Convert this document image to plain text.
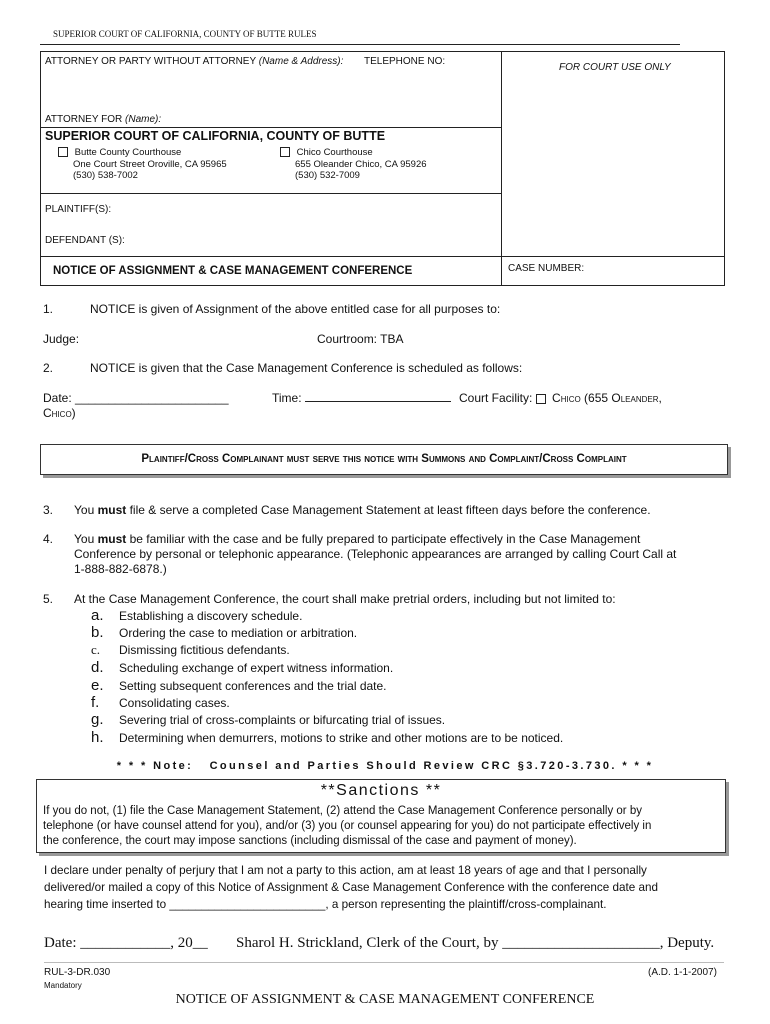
SUPERIOR COURT OF CALIFORNIA, COUNTY OF BUTTE RULES
ATTORNEY OR PARTY WITHOUT ATTORNEY (Name & Address): TELEPHONE NO:
FOR COURT USE ONLY
ATTORNEY FOR (Name):
SUPERIOR COURT OF CALIFORNIA, COUNTY OF BUTTE
Butte County Courthouse
One Court Street Oroville, CA 95965
(530) 538-7002
Chico Courthouse
655 Oleander Chico, CA 95926
(530) 532-7009
PLAINTIFF(S):
DEFENDANT (S):
NOTICE OF ASSIGNMENT & CASE MANAGEMENT CONFERENCE	CASE NUMBER:
1.	NOTICE is given of Assignment of the above entitled case for all purposes to:
Judge:	Courtroom: TBA
2.	NOTICE is given that the Case Management Conference is scheduled as follows:
Date: _______________________	Time:	Court Facility:  Chico (655 Oleander,
Chico)
Plaintiff/Cross Complainant must serve this notice with Summons and Complaint/Cross Complaint
3. You must file & serve a completed Case Management Statement at least fifteen days before the conference.
4. You must be familiar with the case and be fully prepared to participate effectively in the Case Management
Conference by personal or telephonic appearance. (Telephonic appearances are arranged by calling Court Call at
1-888-882-6878.)
5. At the Case Management Conference, the court shall make pretrial orders, including but not limited to:
a. Establishing a discovery schedule.
b. Ordering the case to mediation or arbitration.
c. Dismissing fictitious defendants.
d. Scheduling exchange of expert witness information.
e. Setting subsequent conferences and the trial date.
f. Consolidating cases.
g. Severing trial of cross-complaints or bifurcating trial of issues.
h. Determining when demurrers, motions to strike and other motions are to be noticed.
* * * Note:   Counsel and Parties Should Review CRC §3.720-3.730. * * *
**Sanctions **
If you do not, (1) file the Case Management Statement, (2) attend the Case Management Conference personally or by
telephone (or have counsel attend for you), and/or (3) you (or counsel appearing for you) do not participate effectively in
the conference, the court may impose sanctions (including dismissal of the case and payment of money).
I declare under penalty of perjury that I am not a party to this action, am at least 18 years of age and that I personally
delivered/or mailed a copy of this Notice of Assignment & Case Management Conference with the conference date and
hearing time inserted to ________________________, a person representing the plaintiff/cross-complainant.
Date: ____________, 20__ Sharol H. Strickland, Clerk of the Court, by _____________________, Deputy.
RUL-3-DR.030
Mandatory
(A.D. 1-1-2007)
NOTICE OF ASSIGNMENT & CASE MANAGEMENT CONFERENCE
